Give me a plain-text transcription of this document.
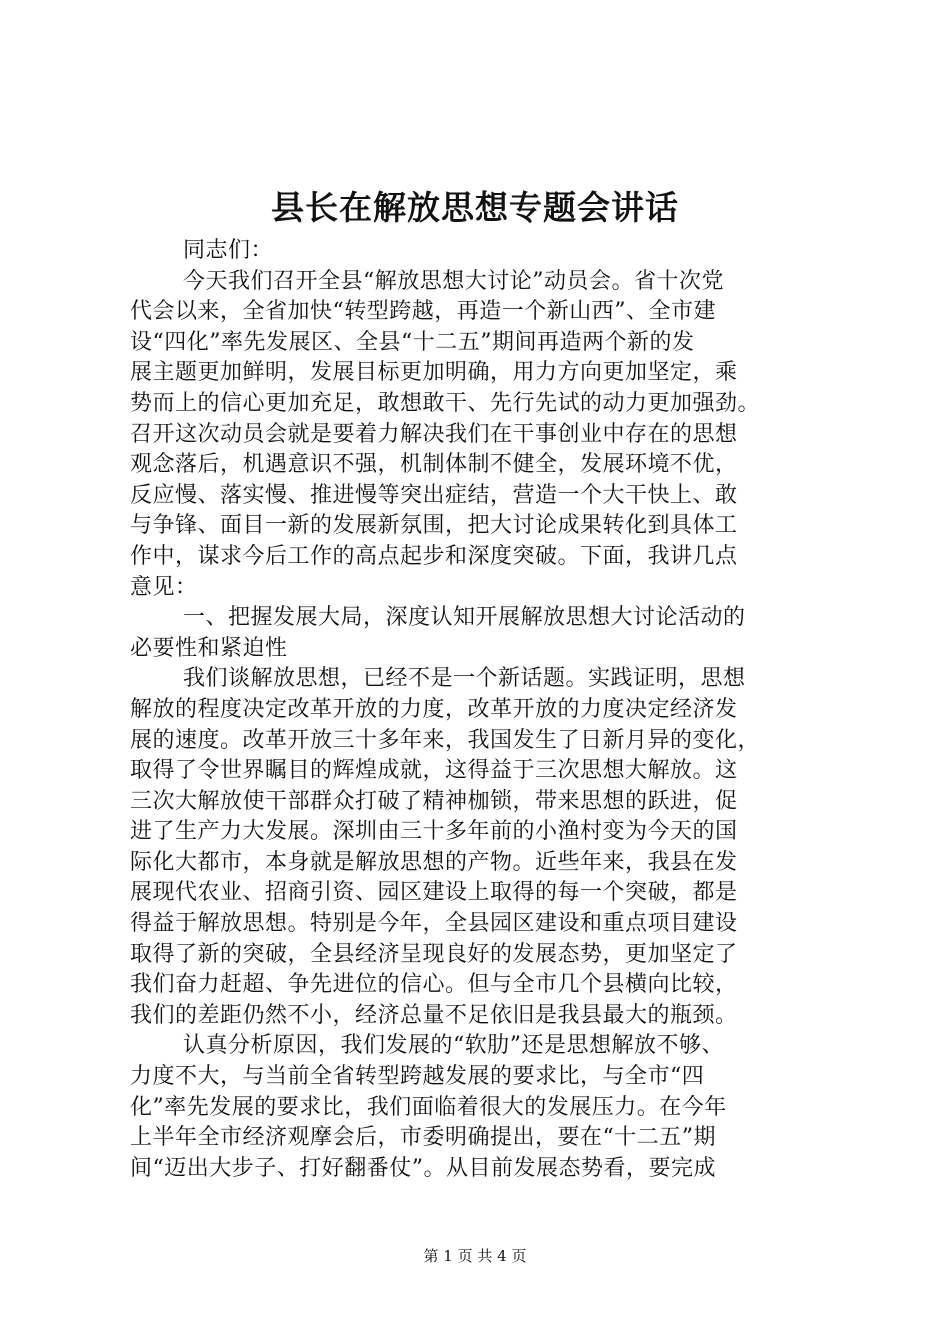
县长在解放思想专题会讲话
同志们：
今天我们召开全县“解放思想大讨论”动员会。省十次党
代会以来，全省加快“转型跨越，再造一个新山西”、全市建
设“四化”率先发展区、全县“十二五”期间再造两个新的发
展主题更加鲜明，发展目标更加明确，用力方向更加坚定，乘
势而上的信心更加充足，敢想敢干、先行先试的动力更加强劲。
召开这次动员会就是要着力解决我们在干事创业中存在的思想
观念落后，机遇意识不强，机制体制不健全，发展环境不优，
反应慢、落实慢、推进慢等突出症结，营造一个大干快上、敢
与争锋、面目一新的发展新氛围，把大讨论成果转化到具体工
作中，谋求今后工作的高点起步和深度突破。下面，我讲几点
意见：
一、把握发展大局，深度认知开展解放思想大讨论活动的
必要性和紧迫性
我们谈解放思想，已经不是一个新话题。实践证明，思想
解放的程度决定改革开放的力度，改革开放的力度决定经济发
展的速度。改革开放三十多年来，我国发生了日新月异的变化，
取得了令世界瞩目的辉煌成就，这得益于三次思想大解放。这
三次大解放使干部群众打破了精神枷锁，带来思想的跃进，促
进了生产力大发展。深圳由三十多年前的小渔村变为今天的国
际化大都市，本身就是解放思想的产物。近些年来，我县在发
展现代农业、招商引资、园区建设上取得的每一个突破，都是
得益于解放思想。特别是今年，全县园区建设和重点项目建设
取得了新的突破，全县经济呈现良好的发展态势，更加坚定了
我们奋力赶超、争先进位的信心。但与全市几个县横向比较，
我们的差距仍然不小，经济总量不足依旧是我县最大的瓶颈。
认真分析原因，我们发展的“软肋”还是思想解放不够、
力度不大，与当前全省转型跨越发展的要求比，与全市“四
化”率先发展的要求比，我们面临着很大的发展压力。在今年
上半年全市经济观摩会后，市委明确提出，要在“十二五”期
间“迈出大步子、打好翻番仗”。从目前发展态势看，要完成
第 1 页 共 4 页
